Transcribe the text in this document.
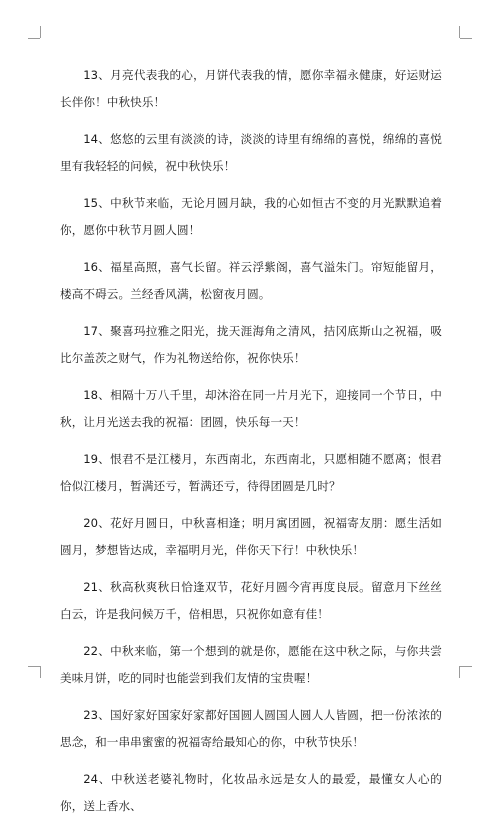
13、月亮代表我的心，月饼代表我的情，愿你幸福永健康，好运财运长伴你！中秋快乐！

14、悠悠的云里有淡淡的诗，淡淡的诗里有绵绵的喜悦，绵绵的喜悦里有我轻轻的问候，祝中秋快乐！

15、中秋节来临，无论月圆月缺，我的心如恒古不变的月光默默追着你，愿你中秋节月圆人圆！

16、福星高照，喜气长留。祥云浮紫阁，喜气溢朱门。帘短能留月，楼高不碍云。兰经香风满，松窗夜月圆。

17、聚喜玛拉雅之阳光，拢天涯海角之清风，拮冈底斯山之祝福，吸比尔盖茨之财气，作为礼物送给你，祝你快乐！

18、相隔十万八千里，却沐浴在同一片月光下，迎接同一个节日，中秋，让月光送去我的祝福：团圆，快乐每一天！

19、恨君不是江楼月，东西南北，东西南北，只愿相随不愿离；恨君恰似江楼月，暂满还亏，暂满还亏，待得团圆是几时？

20、花好月圆日，中秋喜相逢；明月寓团圆，祝福寄友朋：愿生活如圆月，梦想皆达成，幸福明月光，伴你天下行！中秋快乐！

21、秋高秋爽秋日恰逢双节，花好月圆今宵再度良辰。留意月下丝丝白云，许是我问候万千，倍相思，只祝你如意有佳！

22、中秋来临，第一个想到的就是你，愿能在这中秋之际，与你共尝美味月饼，吃的同时也能尝到我们友情的宝贵喔！

23、国好家好国家好家都好国圆人圆国人圆人人皆圆，把一份浓浓的思念，和一串串蜜蜜的祝福寄给最知心的你，中秋节快乐！

24、中秋送老婆礼物时，化妆品永远是女人的最爱，最懂女人心的你，送上香水、
